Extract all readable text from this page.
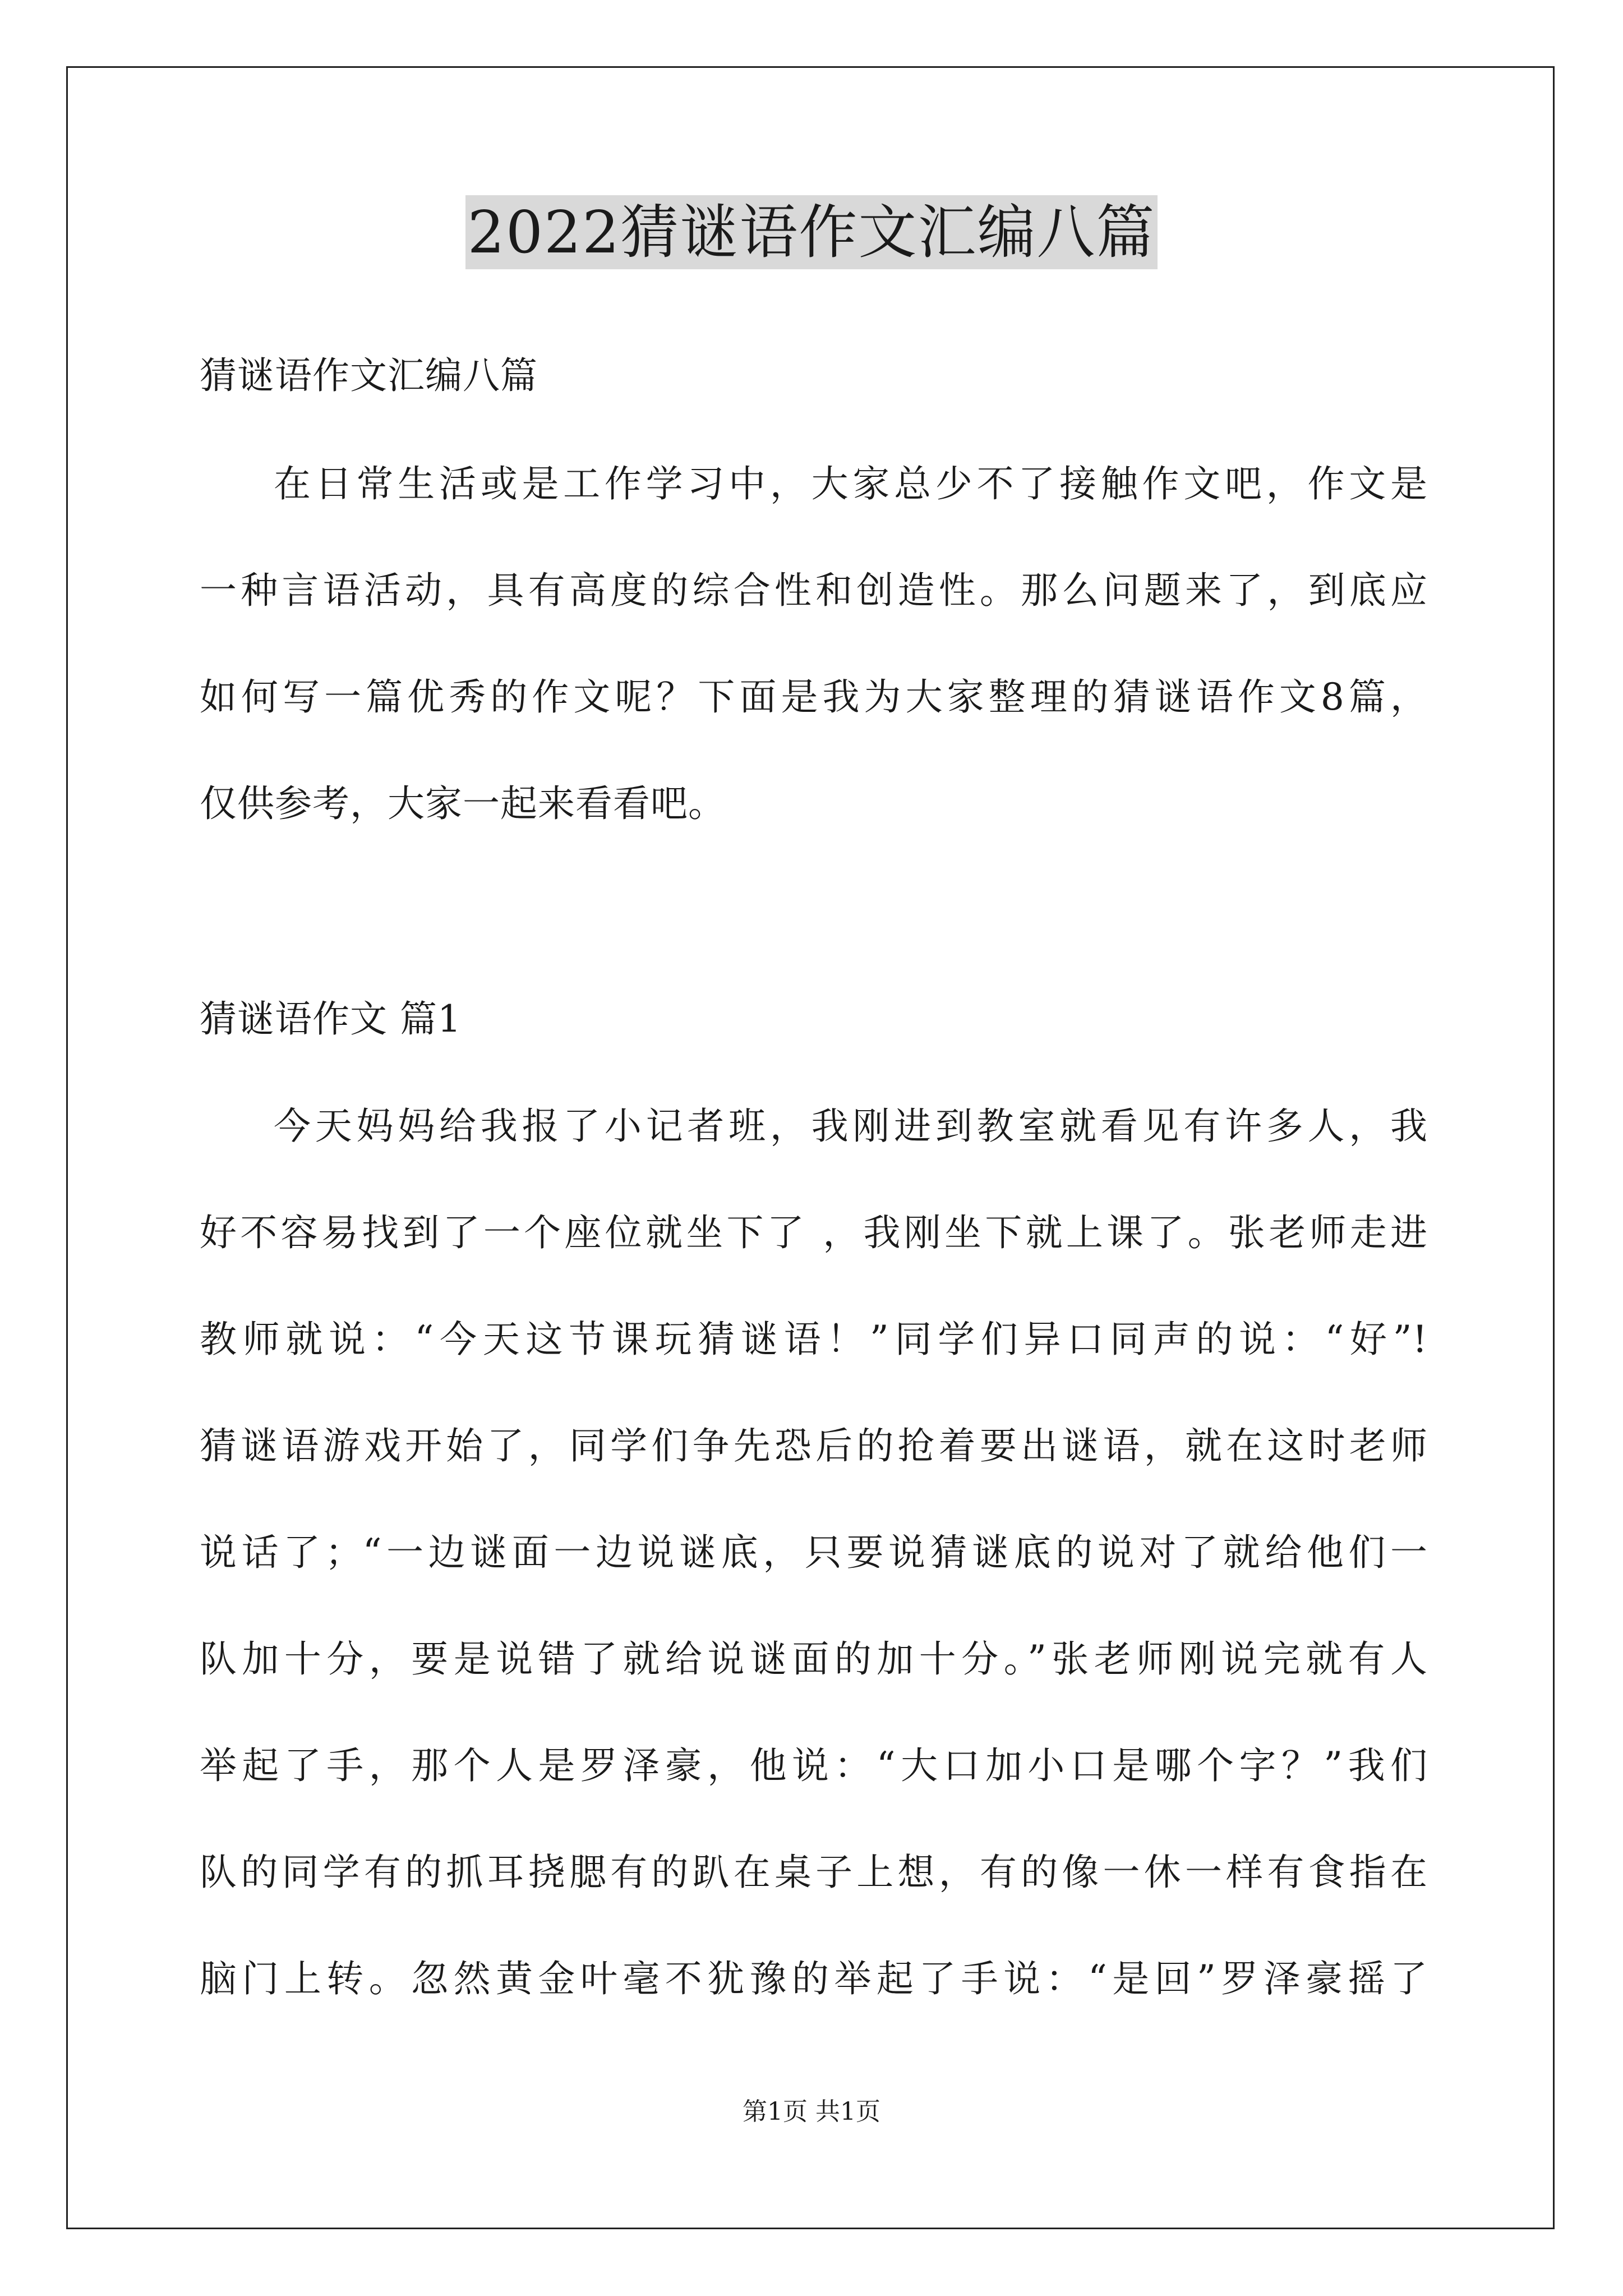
2022猜谜语作文汇编八篇
猜谜语作文汇编八篇
在日常生活或是工作学习中，大家总少不了接触作文吧，作文是
一种言语活动，具有高度的综合性和创造性。那么问题来了，到底应
如何写一篇优秀的作文呢？下面是我为大家整理的猜谜语作文8篇，
仅供参考，大家一起来看看吧。
猜谜语作文 篇1
今天妈妈给我报了小记者班，我刚进到教室就看见有许多人，我
好不容易找到了一个座位就坐下了 ，我刚坐下就上课了。张老师走进
教师就说：“今天这节课玩猜谜语！”同学们异口同声的说：“好”!
猜谜语游戏开始了，同学们争先恐后的抢着要出谜语，就在这时老师
说话了；“一边谜面一边说谜底，只要说猜谜底的说对了就给他们一
队加十分，要是说错了就给说谜面的加十分。”张老师刚说完就有人
举起了手，那个人是罗泽豪，他说：“大口加小口是哪个字？”我们
队的同学有的抓耳挠腮有的趴在桌子上想，有的像一休一样有食指在
脑门上转。忽然黄金叶毫不犹豫的举起了手说：“是回”罗泽豪摇了
第1页 共1页
